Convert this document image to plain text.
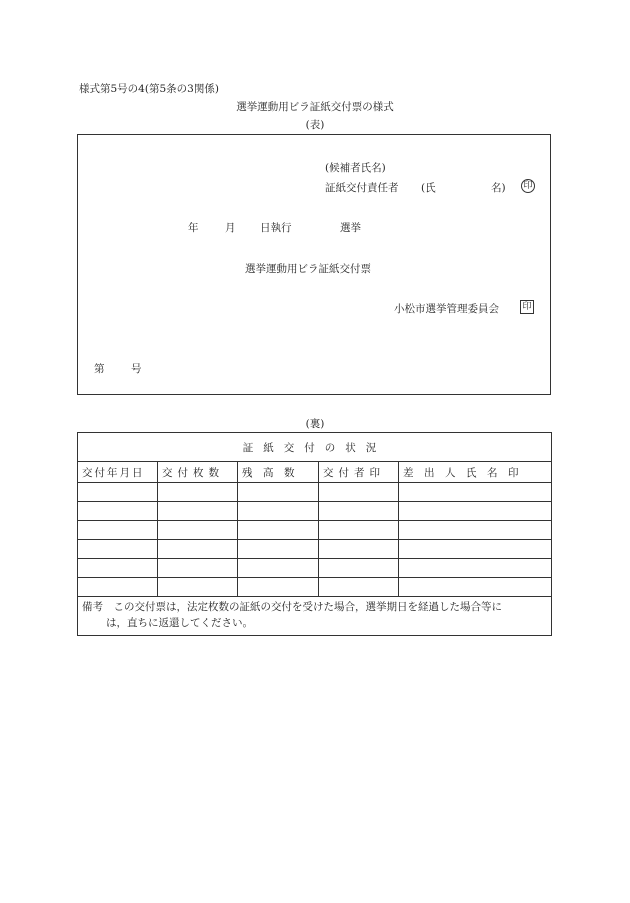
様式第5号の4(第5条の3関係)
選挙運動用ビラ証紙交付票の様式
(表)
(候補者氏名)
証紙交付責任者 (氏	名) 印
年	月 日執行	選挙
選挙運動用ビラ証紙交付票
小松市選挙管理委員会	印
第	号
(裏)
証紙交付の状況				
交付年月日	交付枚数	残　高　数	交付者印	差　出　人　氏　名　印

備考　この交付票は，法定枚数の証紙の交付を受けた場合，選挙期日を経過した場合等に
は，直ちに返還してください。				
